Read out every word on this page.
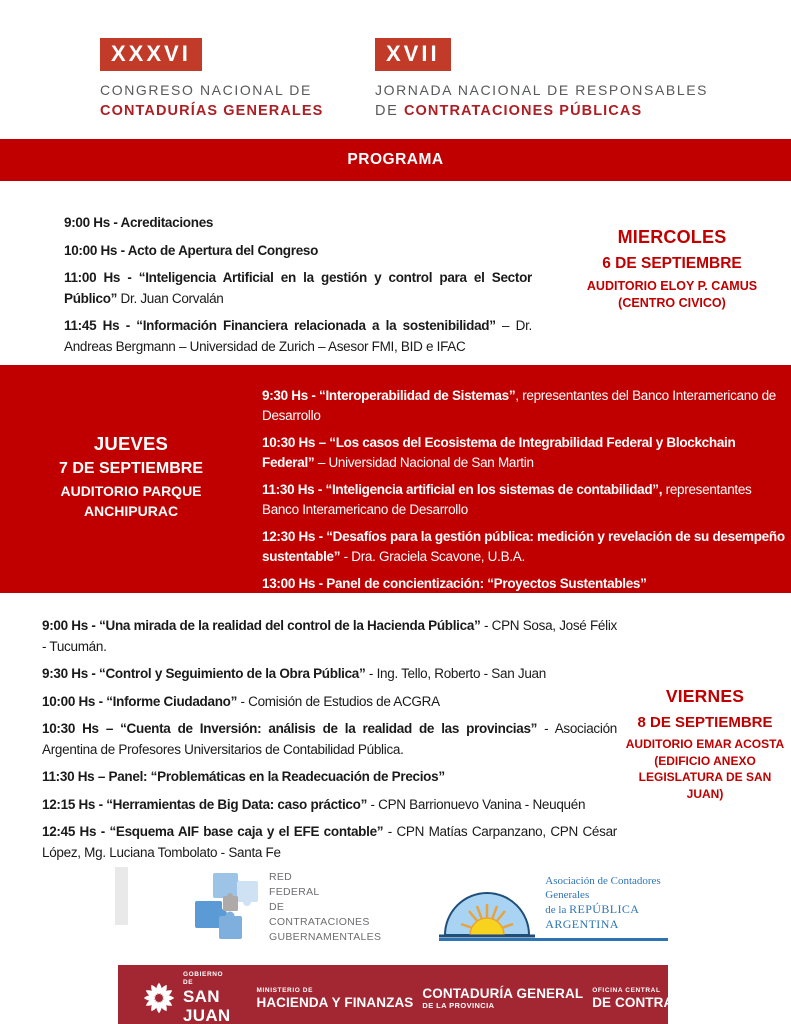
XXXVI
CONGRESO NACIONAL DE
CONTADURÍAS GENERALES
XVII
JORNADA NACIONAL DE RESPONSABLES
DE CONTRATACIONES PÚBLICAS
PROGRAMA

9:00 Hs - Acreditaciones

10:00 Hs - Acto de Apertura del Congreso

11:00 Hs - “Inteligencia Artificial en la gestión y control para el Sector Público” Dr. Juan Corvalán

11:45 Hs - “Información Financiera relacionada a la sostenibilidad” – Dr. Andreas Bergmann – Universidad de Zurich – Asesor FMI, BID e IFAC

MIERCOLES
6 DE SEPTIEMBRE
AUDITORIO ELOY P. CAMUS
(CENTRO CIVICO)
JUEVES
7 DE SEPTIEMBRE
AUDITORIO PARQUE
ANCHIPURAC

9:30 Hs - “Interoperabilidad de Sistemas”, representantes del Banco Interamericano de Desarrollo

10:30 Hs – “Los casos del Ecosistema de Integrabilidad Federal y Blockchain Federal” – Universidad Nacional de San Martin

11:30 Hs - “Inteligencia artificial en los sistemas de contabilidad”, representantes Banco Interamericano de Desarrollo

12:30 Hs - “Desafíos para la gestión pública: medición y revelación de su desempeño sustentable” - Dra. Graciela Scavone, U.B.A.

13:00 Hs - Panel de concientización: “Proyectos Sustentables”

9:00 Hs - “Una mirada de la realidad del control de la Hacienda Pública” - CPN Sosa, José Félix - Tucumán.

9:30 Hs - “Control y Seguimiento de la Obra Pública” - Ing. Tello, Roberto - San Juan

10:00 Hs - “Informe Ciudadano” - Comisión de Estudios de ACGRA

10:30 Hs – “Cuenta de Inversión: análisis de la realidad de las provincias” - Asociación Argentina de Profesores Universitarios de Contabilidad Pública.

11:30 Hs – Panel: “Problemáticas en la Readecuación de Precios”

12:15 Hs - “Herramientas de Big Data: caso práctico” - CPN Barrionuevo Vanina - Neuquén

12:45 Hs - “Esquema AIF base caja y el EFE contable” - CPN Matías Carpanzano, CPN César López, Mg. Luciana Tombolato - Santa Fe

VIERNES
8 DE SEPTIEMBRE
AUDITORIO EMAR ACOSTA
(EDIFICIO ANEXO
LEGISLATURA DE SAN JUAN)
RED
FEDERAL
DE CONTRATACIONES
GUBERNAMENTALES
Asociación de Contadores Generales
de la REPÚBLICA ARGENTINA
GOBIERNO DE
SAN JUAN
MINISTERIO DE
HACIENDA Y FINANZAS
CONTADURÍA GENERAL
DE LA PROVINCIA
OFICINA CENTRAL
DE CONTRATACIONES
